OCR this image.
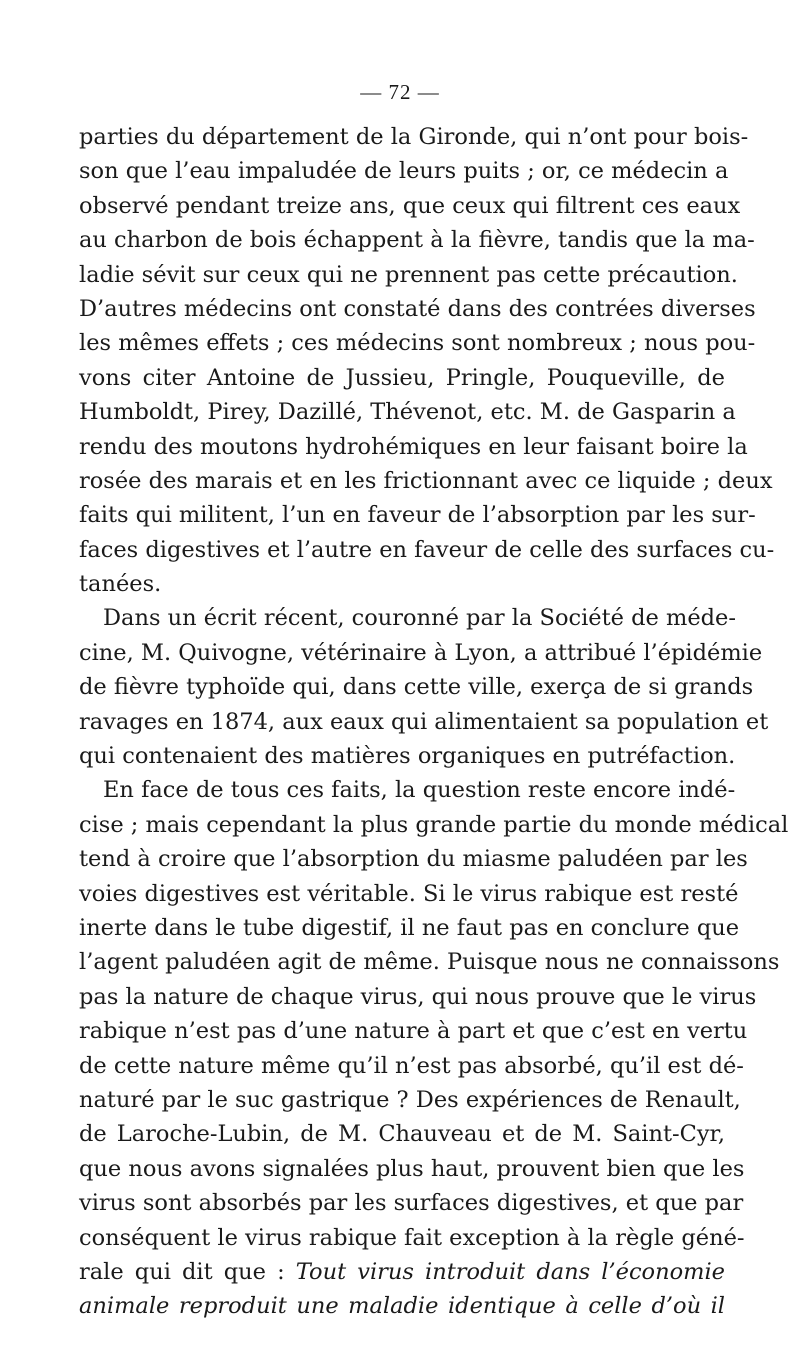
— 72 —
parties du département de la Gironde, qui n’ont pour bois-
son que l’eau impaludée de leurs puits ; or, ce médecin a
observé pendant treize ans, que ceux qui filtrent ces eaux
au charbon de bois échappent à la fièvre, tandis que la ma-
ladie sévit sur ceux qui ne prennent pas cette précaution.
D’autres médecins ont constaté dans des contrées diverses
les mêmes effets ; ces médecins sont nombreux ; nous pou-
vons citer Antoine de Jussieu, Pringle, Pouqueville, de
Humboldt, Pirey, Dazillé, Thévenot, etc. M. de Gasparin a
rendu des moutons hydrohémiques en leur faisant boire la
rosée des marais et en les frictionnant avec ce liquide ; deux
faits qui militent, l’un en faveur de l’absorption par les sur-
faces digestives et l’autre en faveur de celle des surfaces cu-
tanées.
Dans un écrit récent, couronné par la Société de méde-
cine, M. Quivogne, vétérinaire à Lyon, a attribué l’épidémie
de fièvre typhoïde qui, dans cette ville, exerça de si grands
ravages en 1874, aux eaux qui alimentaient sa population et
qui contenaient des matières organiques en putréfaction.
En face de tous ces faits, la question reste encore indé-
cise ; mais cependant la plus grande partie du monde médical
tend à croire que l’absorption du miasme paludéen par les
voies digestives est véritable. Si le virus rabique est resté
inerte dans le tube digestif, il ne faut pas en conclure que
l’agent paludéen agit de même. Puisque nous ne connaissons
pas la nature de chaque virus, qui nous prouve que le virus
rabique n’est pas d’une nature à part et que c’est en vertu
de cette nature même qu’il n’est pas absorbé, qu’il est dé-
naturé par le suc gastrique ? Des expériences de Renault,
de Laroche-Lubin, de M. Chauveau et de M. Saint-Cyr,
que nous avons signalées plus haut, prouvent bien que les
virus sont absorbés par les surfaces digestives, et que par
conséquent le virus rabique fait exception à la règle géné-
rale qui dit que : Tout virus introduit dans l’économie
animale reproduit une maladie identique à celle d’où il
